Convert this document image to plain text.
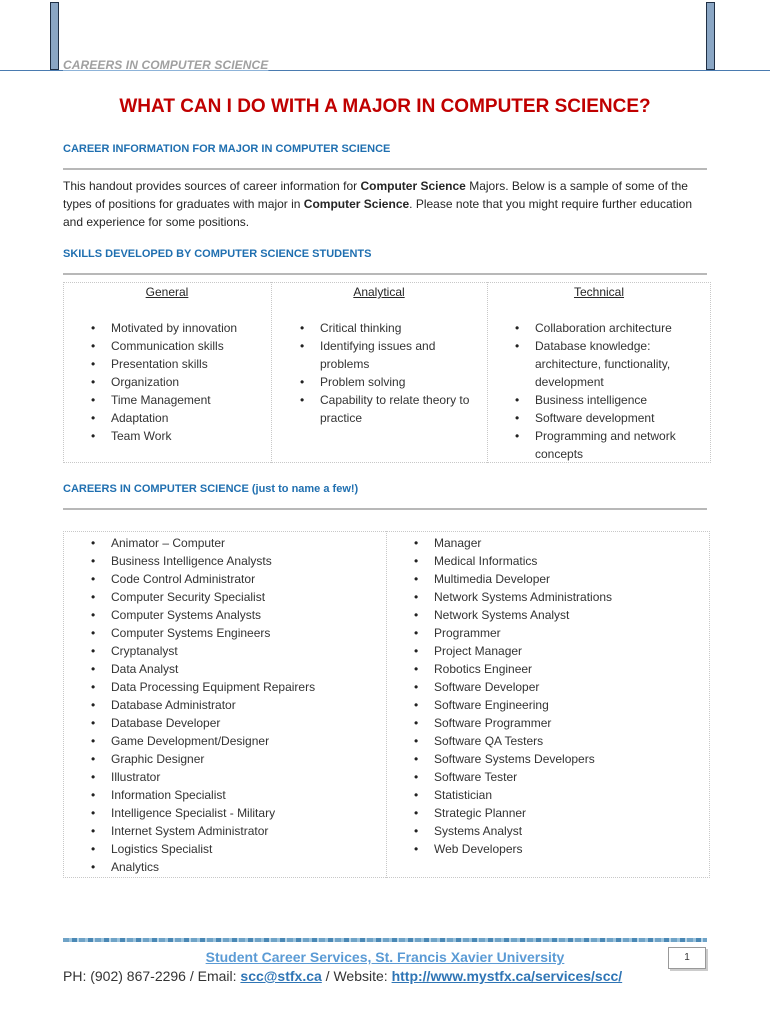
CAREERS IN COMPUTER SCIENCE
WHAT CAN I DO WITH A MAJOR IN COMPUTER SCIENCE?
CAREER INFORMATION FOR MAJOR IN COMPUTER SCIENCE
This handout provides sources of career information for Computer Science Majors. Below is a sample of some of the types of positions for graduates with major in Computer Science. Please note that you might require further education and experience for some positions.
SKILLS DEVELOPED BY COMPUTER SCIENCE STUDENTS
General	Analytical	Technical
• Motivated by innovation
• Communication skills
• Presentation skills
• Organization
• Time Management
• Adaptation
• Team Work
• Critical thinking
• Identifying issues and problems
• Problem solving
• Capability to relate theory to practice
• Collaboration architecture
• Database knowledge: architecture, functionality, development
• Business intelligence
• Software development
• Programming and network concepts
CAREERS IN COMPUTER SCIENCE (just to name a few!)
• Animator – Computer
• Business Intelligence Analysts
• Code Control Administrator
• Computer Security Specialist
• Computer Systems Analysts
• Computer Systems Engineers
• Cryptanalyst
• Data Analyst
• Data Processing Equipment Repairers
• Database Administrator
• Database Developer
• Game Development/Designer
• Graphic Designer
• Illustrator
• Information Specialist
• Intelligence Specialist - Military
• Internet System Administrator
• Logistics Specialist
• Analytics
• Manager
• Medical Informatics
• Multimedia Developer
• Network Systems Administrations
• Network Systems Analyst
• Programmer
• Project Manager
• Robotics Engineer
• Software Developer
• Software Engineering
• Software Programmer
• Software QA Testers
• Software Systems Developers
• Software Tester
• Statistician
• Strategic Planner
• Systems Analyst
• Web Developers
Student Career Services, St. Francis Xavier University
PH: (902) 867-2296 / Email: scc@stfx.ca / Website: http://www.mystfx.ca/services/scc/
1
